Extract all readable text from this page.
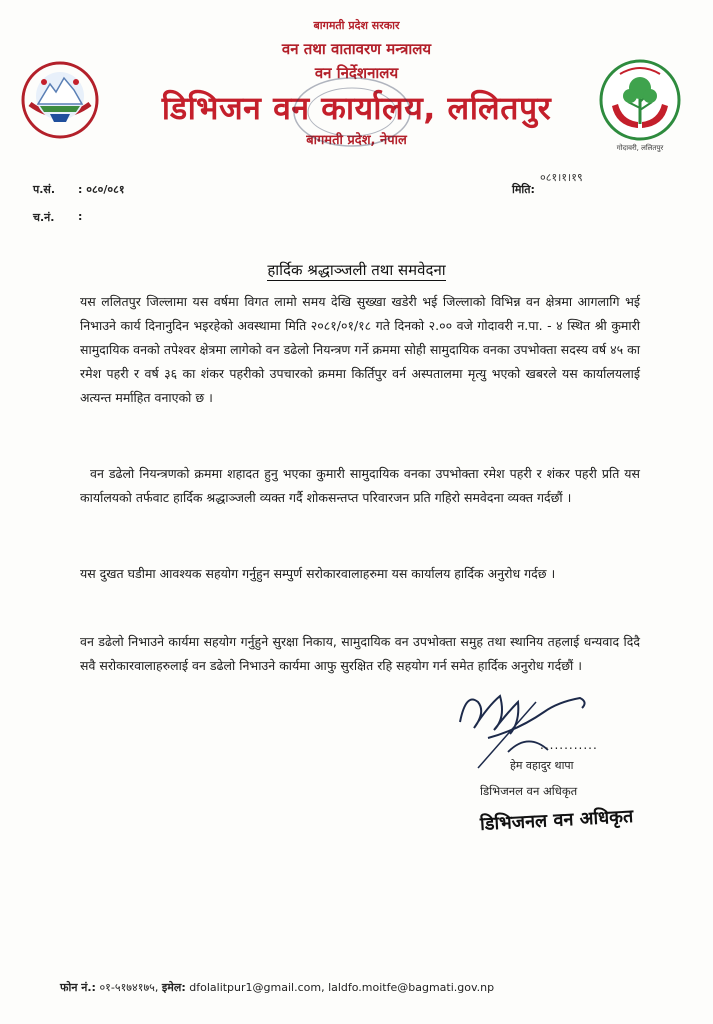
बागमती प्रदेश सरकार
वन तथा वातावरण मन्त्रालय
वन निर्देशनालय
डिभिजन वन कार्यालय, ललितपुर
बागमती प्रदेश, नेपाल	गोदावरी, ललितपुर
प.सं. : ०८०/०८१
च.नं. :
मिति:
०८१।१।१९
हार्दिक श्रद्धाञ्जली तथा समवेदना

यस ललितपुर जिल्लामा यस वर्षमा विगत लामो समय देखि सुख्खा खडेरी भई जिल्लाको विभिन्न वन क्षेत्रमा आगलागि भई निभाउने कार्य दिनानुदिन भइरहेको अवस्थामा मिति २०८१/०१/१८ गते दिनको २.०० वजे गोदावरी न.पा. - ४ स्थित श्री कुमारी सामुदायिक वनको तपेश्वर क्षेत्रमा लागेको वन डढेलो नियन्त्रण गर्ने क्रममा सोही सामुदायिक वनका उपभोक्ता सदस्य वर्ष ४५ का रमेश पहरी र वर्ष ३६ का शंकर पहरीको उपचारको क्रममा किर्तिपुर वर्न अस्पतालमा मृत्यु भएको खबरले यस कार्यालयलाई अत्यन्त मर्माहित वनाएको छ ।

वन डढेलो नियन्त्रणको क्रममा शहादत हुनु भएका कुमारी सामुदायिक वनका उपभोक्ता रमेश पहरी र शंकर पहरी प्रति यस कार्यालयको तर्फवाट हार्दिक श्रद्धाञ्जली व्यक्त गर्दै शोकसन्तप्त परिवारजन प्रति गहिरो समवेदना व्यक्त गर्दछौं ।

यस दुखत घडीमा आवश्यक सहयोग गर्नुहुन सम्पुर्ण सरोकारवालाहरुमा यस कार्यालय हार्दिक अनुरोध गर्दछ ।

वन डढेलो निभाउने कार्यमा सहयोग गर्नुहुने सुरक्षा निकाय, सामुदायिक वन उपभोक्ता समुह तथा स्थानिय तहलाई धन्यवाद दिदै सवै सरोकारवालाहरुलाई वन डढेलो निभाउने कार्यमा आफु सुरक्षित रहि सहयोग गर्न समेत हार्दिक अनुरोध गर्दछौं ।

............
हेम वहादुर थापा
डिभिजनल वन अधिकृत
डिभिजनल वन अधिकृत
फोन नं.: ०१-५१७४१७५, इमेल: dfolalitpur1@gmail.com, laldfo.moitfe@bagmati.gov.np
